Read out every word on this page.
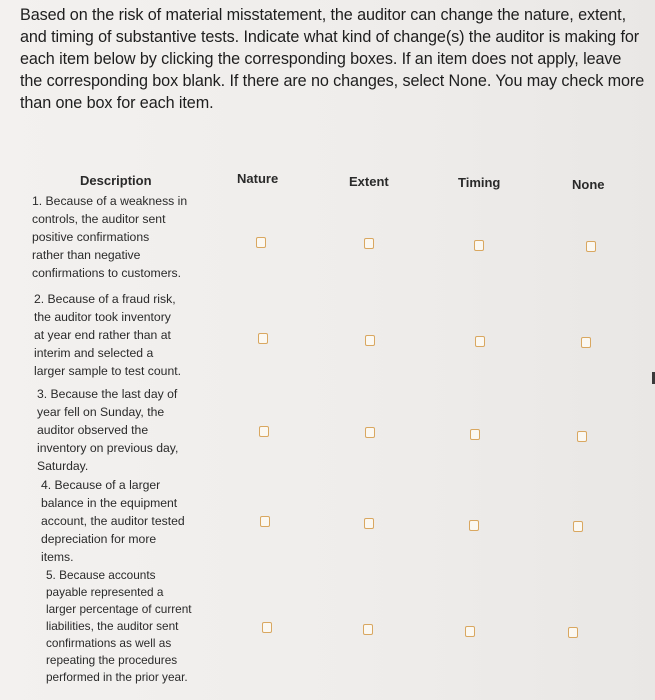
Based on the risk of material misstatement, the auditor can change the nature, extent, and timing of substantive tests. Indicate what kind of change(s) the auditor is making for each item below by clicking the corresponding boxes. If an item does not apply, leave the corresponding box blank. If there are no changes, select None. You may check more than one box for each item.

Description	Nature	Extent	Timing	None
1. Because of a weakness in
controls, the auditor sent
positive confirmations
rather than negative
confirmations to customers.
2. Because of a fraud risk,
the auditor took inventory
at year end rather than at
interim and selected a
larger sample to test count.
3. Because the last day of
year fell on Sunday, the
auditor observed the
inventory on previous day,
Saturday.
4. Because of a larger
balance in the equipment
account, the auditor tested
depreciation for more
items.
5. Because accounts
payable represented a
larger percentage of current
liabilities, the auditor sent
confirmations as well as
repeating the procedures
performed in the prior year.
